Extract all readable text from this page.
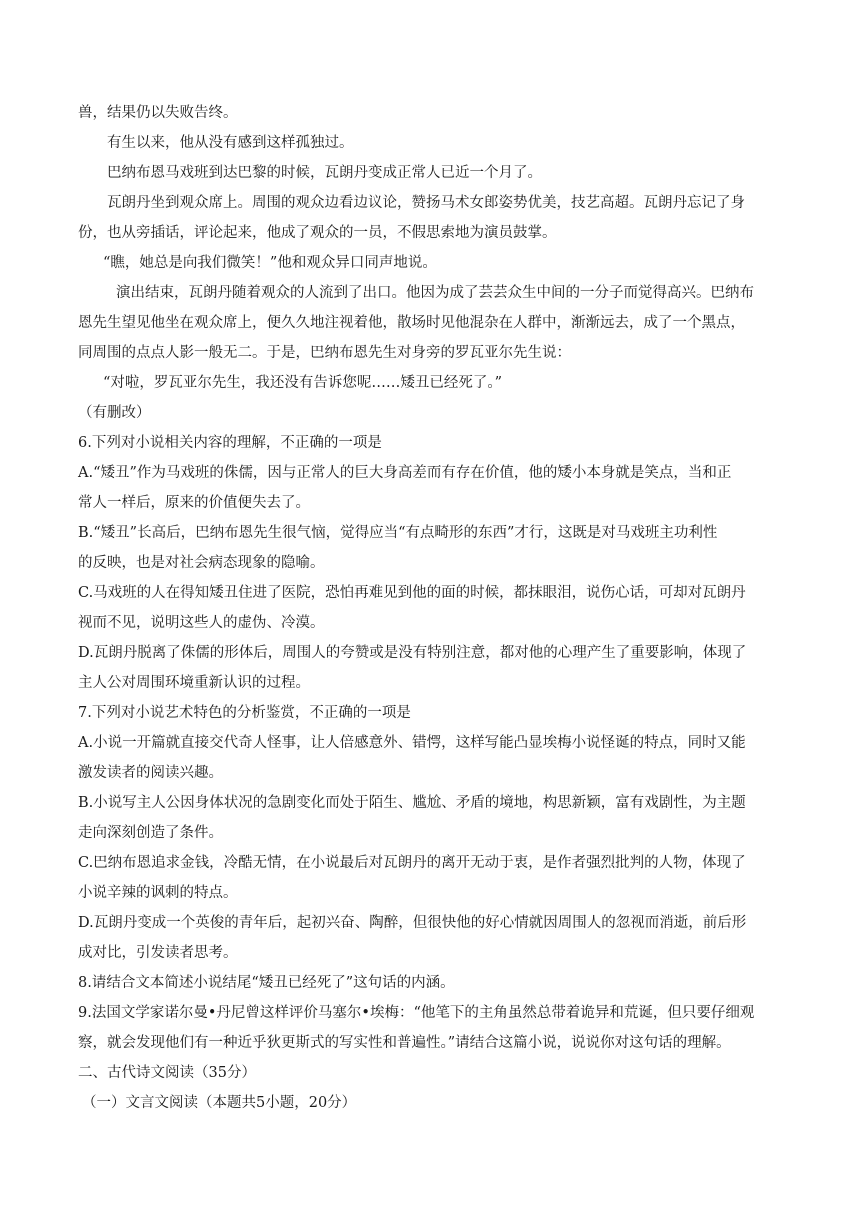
兽，结果仍以失败告终。
有生以来，他从没有感到这样孤独过。
巴纳布恩马戏班到达巴黎的时候，瓦朗丹变成正常人已近一个月了。
瓦朗丹坐到观众席上。周围的观众边看边议论，赞扬马术女郎姿势优美，技艺高超。瓦朗丹忘记了身
份，也从旁插话，评论起来，他成了观众的一员，不假思索地为演员鼓掌。
“瞧，她总是向我们微笑！”他和观众异口同声地说。
演出结束，瓦朗丹随着观众的人流到了出口。他因为成了芸芸众生中间的一分子而觉得高兴。巴纳布
恩先生望见他坐在观众席上，便久久地注视着他，散场时见他混杂在人群中，渐渐远去，成了一个黑点，
同周围的点点人影一般无二。于是，巴纳布恩先生对身旁的罗瓦亚尔先生说：
“对啦，罗瓦亚尔先生，我还没有告诉您呢……矮丑已经死了。”
（有删改）
6.下列对小说相关内容的理解，不正确的一项是
A.“矮丑”作为马戏班的侏儒，因与正常人的巨大身高差而有存在价值，他的矮小本身就是笑点，当和正
常人一样后，原来的价值便失去了。
B.“矮丑”长高后，巴纳布恩先生很气恼，觉得应当“有点畸形的东西”才行，这既是对马戏班主功利性
的反映，也是对社会病态现象的隐喻。
C.马戏班的人在得知矮丑住进了医院，恐怕再难见到他的面的时候，都抹眼泪，说伤心话，可却对瓦朗丹
视而不见，说明这些人的虚伪、冷漠。
D.瓦朗丹脱离了侏儒的形体后，周围人的夸赞或是没有特别注意，都对他的心理产生了重要影响，体现了
主人公对周围环境重新认识的过程。
7.下列对小说艺术特色的分析鉴赏，不正确的一项是
A.小说一开篇就直接交代奇人怪事，让人倍感意外、错愕，这样写能凸显埃梅小说怪诞的特点，同时又能
激发读者的阅读兴趣。
B.小说写主人公因身体状况的急剧变化而处于陌生、尴尬、矛盾的境地，构思新颖，富有戏剧性，为主题
走向深刻创造了条件。
C.巴纳布恩追求金钱，冷酷无情，在小说最后对瓦朗丹的离开无动于衷，是作者强烈批判的人物，体现了
小说辛辣的讽刺的特点。
D.瓦朗丹变成一个英俊的青年后，起初兴奋、陶醉，但很快他的好心情就因周围人的忽视而消逝，前后形
成对比，引发读者思考。
8.请结合文本简述小说结尾“矮丑已经死了”这句话的内涵。
9.法国文学家诺尔曼•丹尼曾这样评价马塞尔•埃梅：“他笔下的主角虽然总带着诡异和荒诞，但只要仔细观
察，就会发现他们有一种近乎狄更斯式的写实性和普遍性。”请结合这篇小说，说说你对这句话的理解。
二、古代诗文阅读（35分）
（一）文言文阅读（本题共5小题，20分）
